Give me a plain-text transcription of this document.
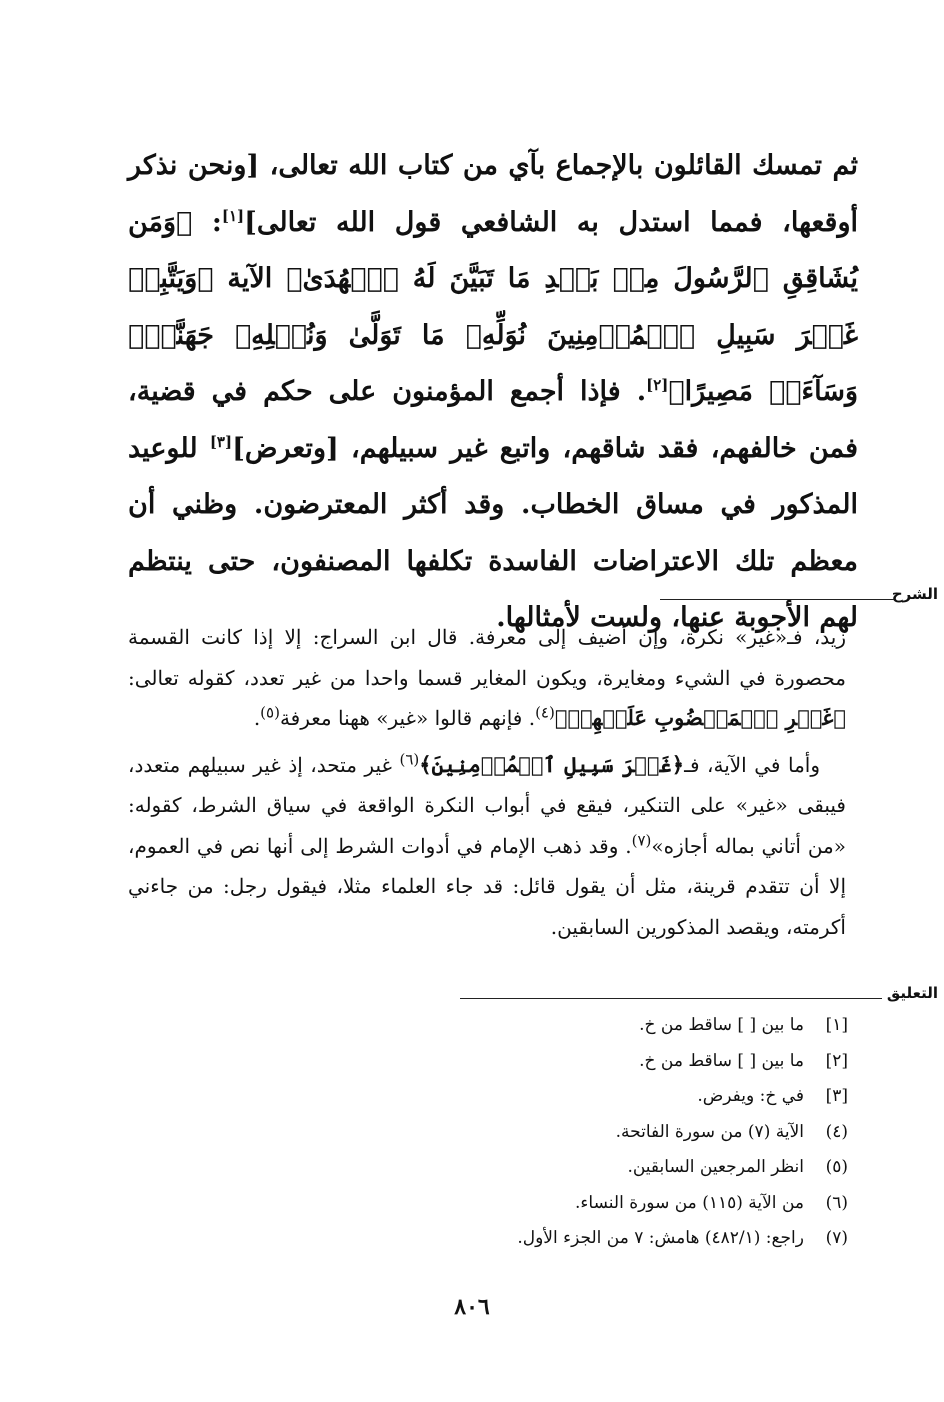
ثم تمسك القائلون بالإجماع بآي من كتاب الله تعالى، [ونحن نذكر أوقعها، فمما استدل به الشافعي قول الله تعالى][١]: ﴿وَمَن يُشَاقِقِ ٱلرَّسُولَ مِنۢ بَعۡدِ مَا تَبَيَّنَ لَهُ ٱلۡهُدَىٰ﴾ الآية ﴿وَيَتَّبِعۡ غَيۡرَ سَبِيلِ ٱلۡمُؤۡمِنِينَ نُوَلِّهِۦ مَا تَوَلَّىٰ وَنُصۡلِهِۦ جَهَنَّمَۖ وَسَآءَتۡ مَصِيرًا﴾[٢]. فإذا أجمع المؤمنون على حكم في قضية، فمن خالفهم، فقد شاقهم، واتبع غير سبيلهم، [وتعرض][٣] للوعيد المذكور في مساق الخطاب. وقد أكثر المعترضون. وظني أن معظم تلك الاعتراضات الفاسدة تكلفها المصنفون، حتى ينتظم لهم الأجوبة عنها، ولست لأمثالها.

الشرح

زيد، فـ«غير» نكرة، وإن أضيف إلى معرفة. قال ابن السراج: إلا إذا كانت القسمة محصورة في الشيء ومغايرة، ويكون المغاير قسما واحدا من غير تعدد، كقوله تعالى: ﴿غَيۡرِ ٱلۡمَغۡضُوبِ عَلَيۡهِمۡ﴾$^{(٤)}$. فإنهم قالوا «غير» ههنا معرفة$^{(٥)}$.

وأما في الآية، فـ﴿غَيۡرَ سَبِيلِ ٱلۡمُؤۡمِنِينَ﴾$^{(٦)}$ غير متحد، إذ غير سبيلهم متعدد، فيبقى «غير» على التنكير، فيقع في أبواب النكرة الواقعة في سياق الشرط، كقوله: «من أتاني بماله أجازه»$^{(٧)}$. وقد ذهب الإمام في أدوات الشرط إلى أنها نص في العموم، إلا أن تتقدم قرينة، مثل أن يقول قائل: قد جاء العلماء مثلا، فيقول رجل: من جاءني أكرمته، ويقصد المذكورين السابقين.

التعليق
[١]
ما بين [ ] ساقط من خ.
[٢]
ما بين [ ] ساقط من خ.
[٣]
في خ: ويفرض.
(٤)
الآية (٧) من سورة الفاتحة.
(٥)
انظر المرجعين السابقين.
(٦)
من الآية (١١٥) من سورة النساء.
(٧)
راجع: (٤٨٢/١) هامش: ٧ من الجزء الأول.
٨٠٦
